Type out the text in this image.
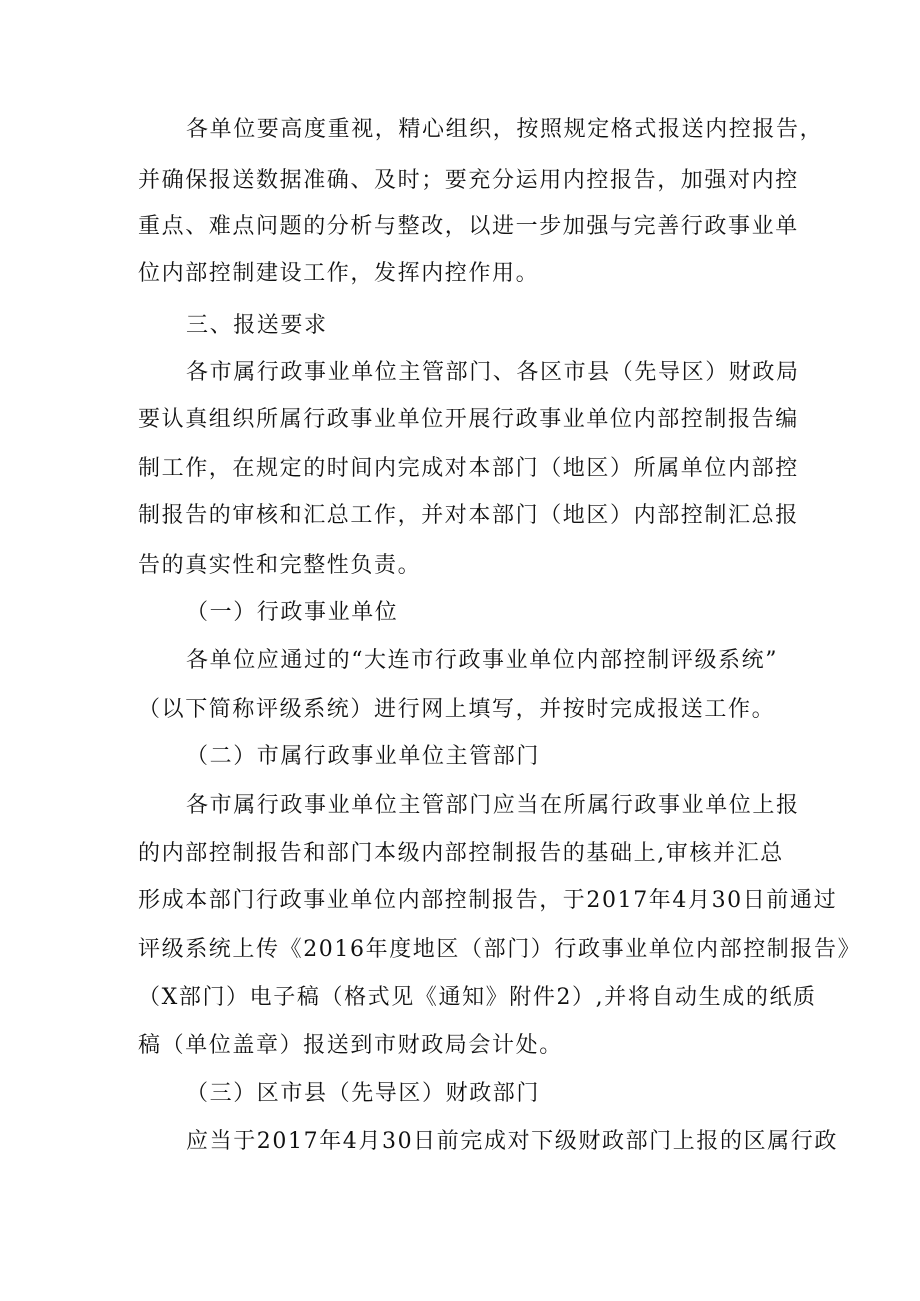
各单位要高度重视，精心组织，按照规定格式报送内控报告，
并确保报送数据准确、及时；要充分运用内控报告，加强对内控
重点、难点问题的分析与整改，以进一步加强与完善行政事业单
位内部控制建设工作，发挥内控作用。
三、报送要求
各市属行政事业单位主管部门、各区市县（先导区）财政局
要认真组织所属行政事业单位开展行政事业单位内部控制报告编
制工作，在规定的时间内完成对本部门（地区）所属单位内部控
制报告的审核和汇总工作，并对本部门（地区）内部控制汇总报
告的真实性和完整性负责。
（一）行政事业单位
各单位应通过的“大连市行政事业单位内部控制评级系统”
（以下简称评级系统）进行网上填写，并按时完成报送工作。
（二）市属行政事业单位主管部门
各市属行政事业单位主管部门应当在所属行政事业单位上报
的内部控制报告和部门本级内部控制报告的基础上,审核并汇总
形成本部门行政事业单位内部控制报告，于2017年4月30日前通过
评级系统上传《2016年度地区（部门）行政事业单位内部控制报告》
（X部门）电子稿（格式见《通知》附件2）,并将自动生成的纸质
稿（单位盖章）报送到市财政局会计处。
（三）区市县（先导区）财政部门
应当于2017年4月30日前完成对下级财政部门上报的区属行政
